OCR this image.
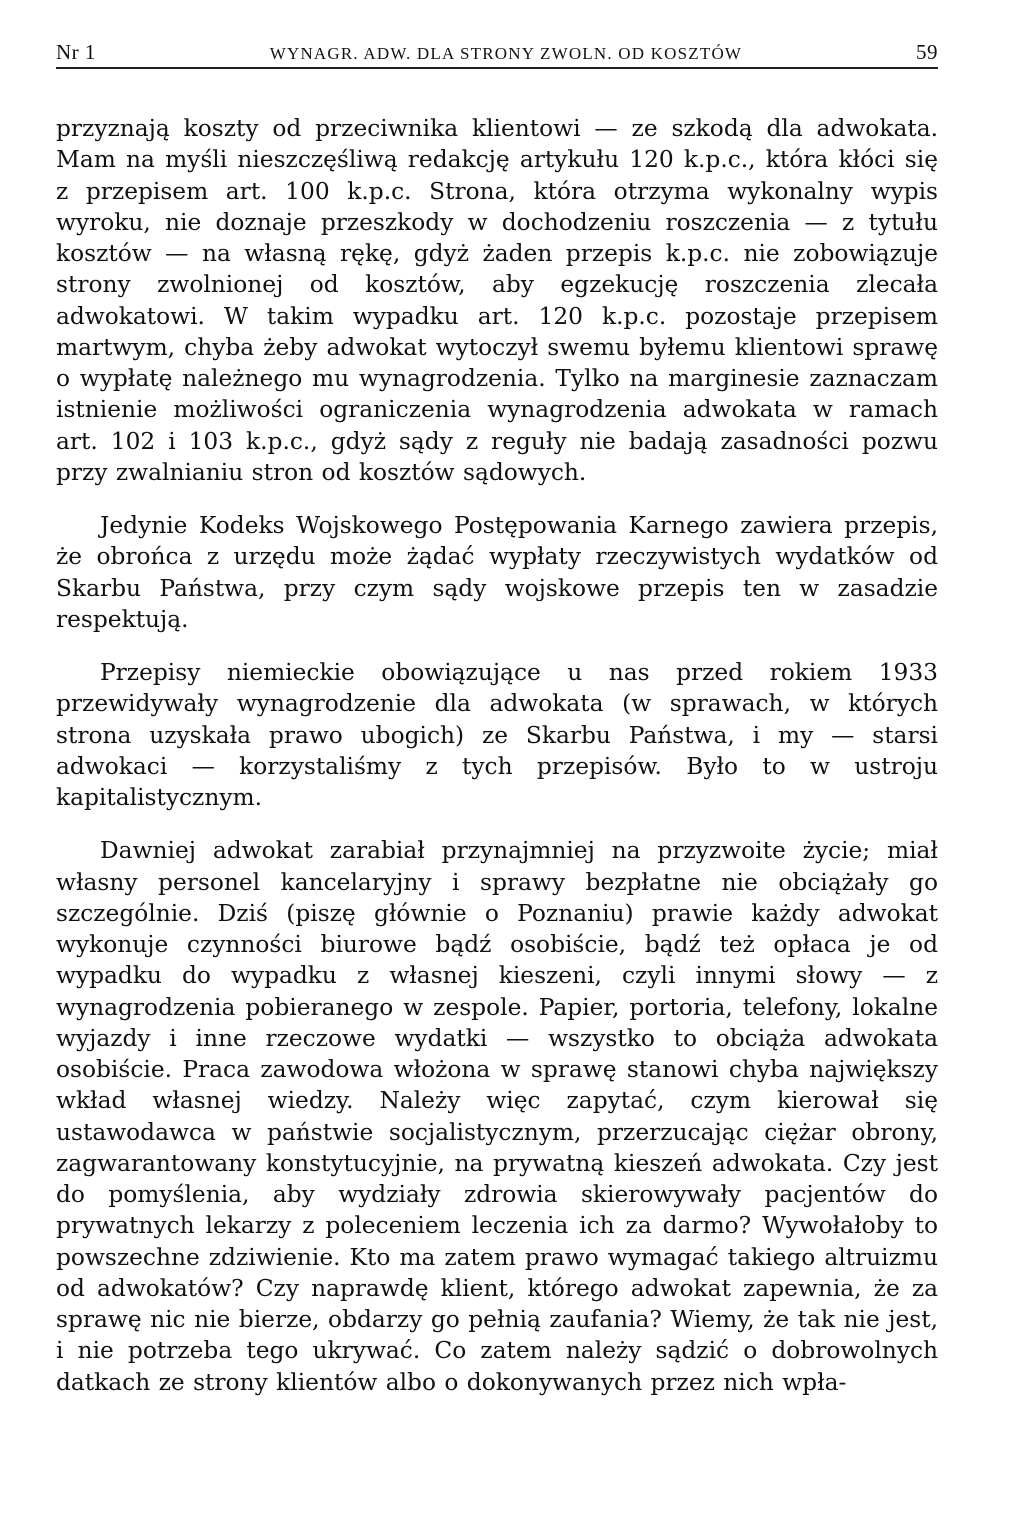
Nr 1	WYNAGR. ADW. DLA STRONY ZWOLN. OD KOSZTÓW	59

przyznają koszty od przeciwnika klientowi — ze szkodą dla adwokata. Mam na myśli nieszczęśliwą redakcję artykułu 120 k.p.c., która kłóci się z przepisem art. 100 k.p.c. Strona, która otrzyma wykonalny wypis wyroku, nie doznaje przeszkody w dochodzeniu roszczenia — z tytułu kosztów — na własną rękę, gdyż żaden przepis k.p.c. nie zobowiązuje strony zwolnionej od kosztów, aby egzekucję roszczenia zlecała adwokatowi. W takim wypadku art. 120 k.p.c. pozostaje przepisem martwym, chyba żeby adwokat wytoczył swemu byłemu klientowi sprawę o wypłatę należnego mu wynagrodzenia. Tylko na marginesie zaznaczam istnienie możliwości ograniczenia wynagrodzenia adwokata w ramach art. 102 i 103 k.p.c., gdyż sądy z reguły nie badają zasadności pozwu przy zwalnianiu stron od kosztów sądowych.

Jedynie Kodeks Wojskowego Postępowania Karnego zawiera przepis, że obrońca z urzędu może żądać wypłaty rzeczywistych wydatków od Skarbu Państwa, przy czym sądy wojskowe przepis ten w zasadzie respektują.

Przepisy niemieckie obowiązujące u nas przed rokiem 1933 przewidywały wynagrodzenie dla adwokata (w sprawach, w których strona uzyskała prawo ubogich) ze Skarbu Państwa, i my — starsi adwokaci — korzystaliśmy z tych przepisów. Było to w ustroju kapitalistycznym.

Dawniej adwokat zarabiał przynajmniej na przyzwoite życie; miał własny personel kancelaryjny i sprawy bezpłatne nie obciążały go szczególnie. Dziś (piszę głównie o Poznaniu) prawie każdy adwokat wykonuje czynności biurowe bądź osobiście, bądź też opłaca je od wypadku do wypadku z własnej kieszeni, czyli innymi słowy — z wynagrodzenia pobieranego w zespole. Papier, portoria, telefony, lokalne wyjazdy i inne rzeczowe wydatki — wszystko to obciąża adwokata osobiście. Praca zawodowa włożona w sprawę stanowi chyba największy wkład własnej wiedzy. Należy więc zapytać, czym kierował się ustawodawca w państwie socjalistycznym, przerzucając ciężar obrony, zagwarantowany konstytucyjnie, na prywatną kieszeń adwokata. Czy jest do pomyślenia, aby wydziały zdrowia skierowywały pacjentów do prywatnych lekarzy z poleceniem leczenia ich za darmo? Wywołałoby to powszechne zdziwienie. Kto ma zatem prawo wymagać takiego altruizmu od adwokatów? Czy naprawdę klient, którego adwokat zapewnia, że za sprawę nic nie bierze, obdarzy go pełnią zaufania? Wiemy, że tak nie jest, i nie potrzeba tego ukrywać. Co zatem należy sądzić o dobrowolnych datkach ze strony klientów albo o dokonywanych przez nich wpła-
